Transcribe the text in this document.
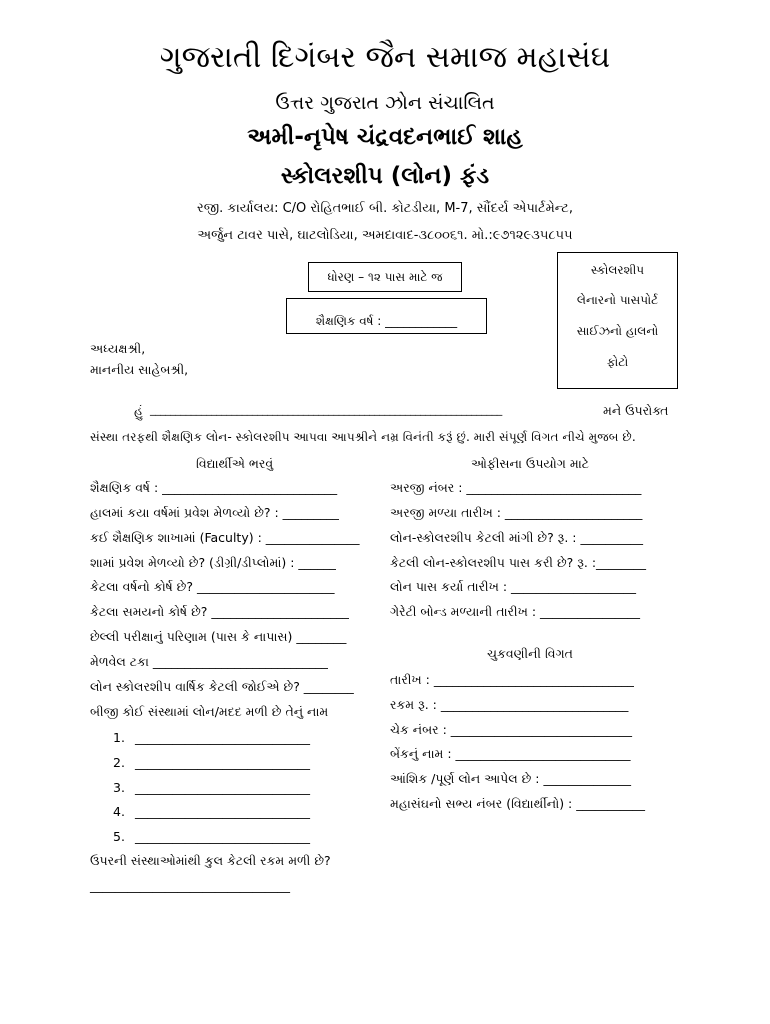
ગુજરાતી દિગંબર જૈન સમાજ મહાસંઘ
ઉત્તર ગુજરાત ઝોન સંચાલિત
અમી-નૃપેષ ચંદ્રવદનભાઈ શાહ
સ્કોલરશીપ (લોન) ફંડ
રજી. કાર્યાલય: C/O રોહિતભાઈ બી. કોટડીયા, M-7, સૌંદર્ય એપાર્ટમેન્ટ,
અર્જુન ટાવર પાસે, ઘાટલોડિયા, અમદાવાદ-૩૮૦૦૬૧. મો.:૯૭૧૨૯૩૫૮૫૫
ધોરણ – ૧૨ પાસ માટે જ
શૈક્ષણિક વર્ષ : ____________
સ્કોલરશીપ
લેનારનો પાસપોર્ટ
સાઈઝનો હાલનો
ફોટો
અધ્યક્ષશ્રી,
માનનીય સાહેબશ્રી,
હું _____________________________________________________________________	મને ઉપરોક્ત
સંસ્થા તરફથી શૈક્ષણિક લોન- સ્કોલરશીપ આપવા આપશ્રીને નમ્ર વિનંતી કરૂં છું. મારી સંપૂર્ણ વિગત નીચે મુજબ છે.
વિદ્યાર્થીએ ભરવું	ઓફીસના ઉપયોગ માટે
શૈક્ષણિક વર્ષ : ____________________________
હાલમાં કયા વર્ષમાં પ્રવેશ મેળવ્યો છે? : _________
કઈ શૈક્ષણિક શાખામાં (Faculty) : _______________
શામાં પ્રવેશ મેળવ્યો છે? (ડીગ્રી/ડીપ્લોમાં) : ______
કેટલા વર્ષનો કોર્ષ છે? ______________________
કેટલા સમયનો કોર્ષ છે? ______________________
છેલ્લી પરીક્ષાનું પરિણામ (પાસ કે નાપાસ) ________
મેળવેલ ટકા ____________________________
લોન સ્કોલરશીપ વાર્ષિક કેટલી જોઈએ છે? ________
બીજી કોઈ સંસ્થામાં લોન/મદદ મળી છે તેનું નામ
1. ____________________________
2. ____________________________
3. ____________________________
4. ____________________________
5. ____________________________
ઉપરની સંસ્થાઓમાંથી કુલ કેટલી રકમ મળી છે?
________________________________
અરજી નંબર : ____________________________
અરજી મળ્યા તારીખ : ______________________
લોન-સ્કોલરશીપ કેટલી માંગી છે? રૂ. : __________
કેટલી લોન-સ્કોલરશીપ પાસ કરી છે? રૂ. :________
લોન પાસ કર્યા તારીખ : ____________________
ગેરેટી બોન્ડ મળ્યાની તારીખ : ________________
ચુકવણીની વિગત
તારીખ : ________________________________
રકમ રૂ. : ______________________________
ચેક નંબર : _____________________________
બેંકનું નામ : ____________________________
આંશિક /પૂર્ણ લોન આપેલ છે : ______________
મહાસંઘનો સભ્ય નંબર (વિદ્યાર્થીનો) : ___________
